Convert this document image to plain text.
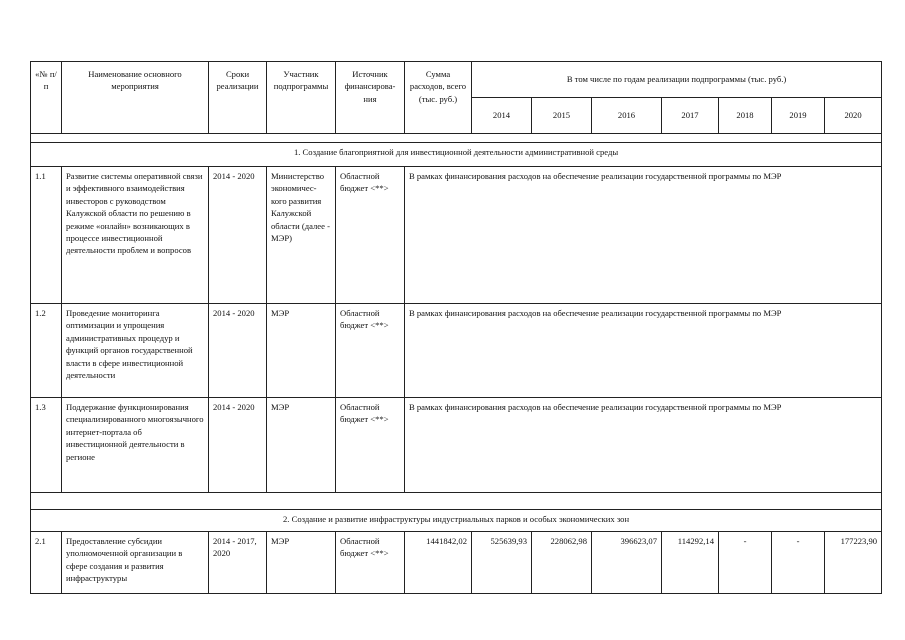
«№ п/п	Наименование основного мероприятия	Сроки реализации	Участник подпрограммы	Источник финансирова-ния	Сумма расходов, всего (тыс. руб.)	В том числе по годам реализации подпрограммы (тыс. руб.)						
						2014	2015	2016	2017	2018	2019	2020

1. Создание благоприятной для инвестиционной деятельности административной среды												
1.1	Развитие системы оперативной связи и эффективного взаимодействия инвесторов с руководством Калужской области по решению в режиме «онлайн» возникающих в процессе инвестиционной деятельности проблем и вопросов	2014 - 2020	Министерство экономичес-кого развития Калужской области (далее - МЭР)	Областной бюджет <**>	В рамках финансирования расходов на обеспечение реализации государственной программы по МЭР							
1.2	Проведение мониторинга оптимизации и упрощения административных процедур и функций органов государственной власти в сфере инвестиционной деятельности	2014 - 2020	МЭР	Областной бюджет <**>	В рамках финансирования расходов на обеспечение реализации государственной программы по МЭР							
1.3	Поддержание функционирования специализированного многоязычного интернет-портала об инвестиционной деятельности в регионе	2014 - 2020	МЭР	Областной бюджет <**>	В рамках финансирования расходов на обеспечение реализации государственной программы по МЭР							

2. Создание и развитие инфраструктуры индустриальных парков и особых экономических зон												
2.1	Предоставление субсидии уполномоченной организации в сфере создания и развития инфраструктуры	2014 - 2017, 2020	МЭР	Областной бюджет <**>	1441842,02	525639,93	228062,98	396623,07	114292,14	-	-	177223,90
